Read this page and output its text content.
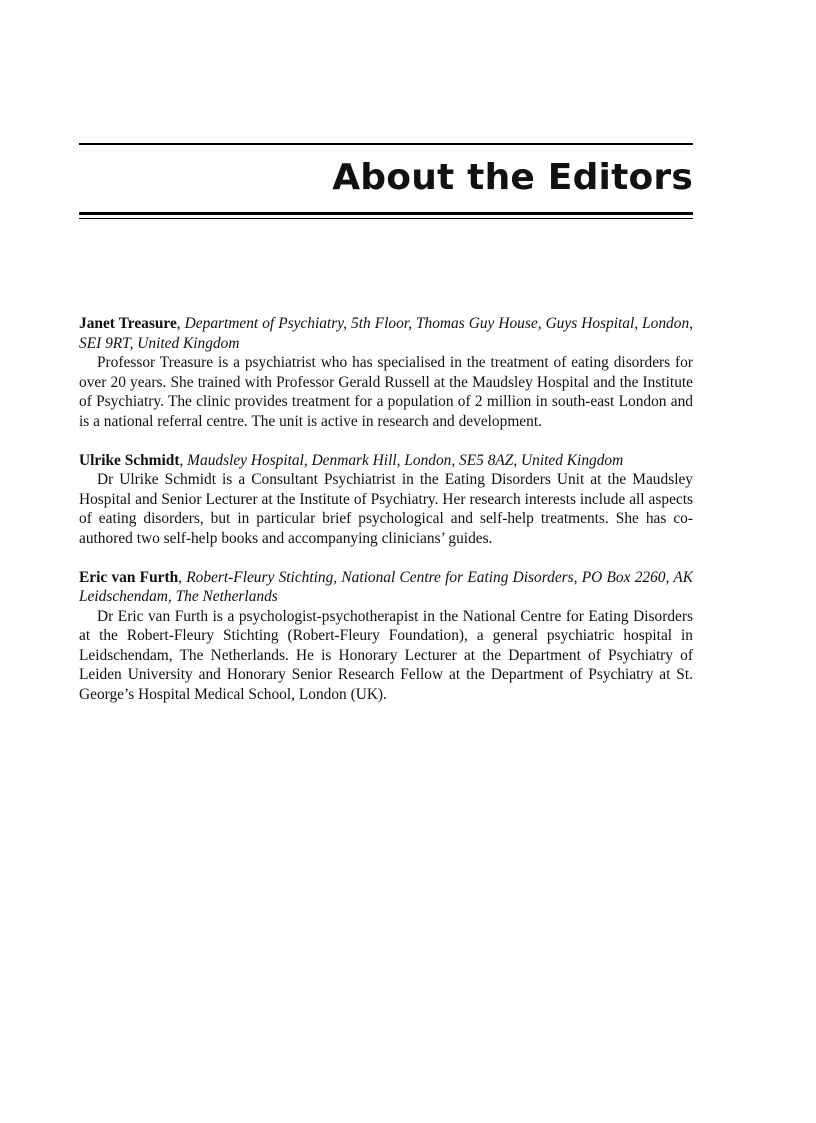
About the Editors
Janet Treasure, Department of Psychiatry, 5th Floor, Thomas Guy House, Guys Hospital, London, SEI 9RT, United Kingdom
Professor Treasure is a psychiatrist who has specialised in the treatment of eating disorders for over 20 years. She trained with Professor Gerald Russell at the Maudsley Hospital and the Institute of Psychiatry. The clinic provides treatment for a population of 2 million in south-east London and is a national referral centre. The unit is active in research and development.
Ulrike Schmidt, Maudsley Hospital, Denmark Hill, London, SE5 8AZ, United Kingdom
Dr Ulrike Schmidt is a Consultant Psychiatrist in the Eating Disorders Unit at the Maudsley Hospital and Senior Lecturer at the Institute of Psychiatry. Her research interests include all aspects of eating disorders, but in particular brief psychological and self-help treatments. She has co-authored two self-help books and accompanying clinicians’ guides.
Eric van Furth, Robert-Fleury Stichting, National Centre for Eating Disorders, PO Box 2260, AK Leidschendam, The Netherlands
Dr Eric van Furth is a psychologist-psychotherapist in the National Centre for Eating Disorders at the Robert-Fleury Stichting (Robert-Fleury Foundation), a general psychiatric hospital in Leidschendam, The Netherlands. He is Honorary Lecturer at the Department of Psychiatry of Leiden University and Honorary Senior Research Fellow at the Department of Psychiatry at St. George’s Hospital Medical School, London (UK).
